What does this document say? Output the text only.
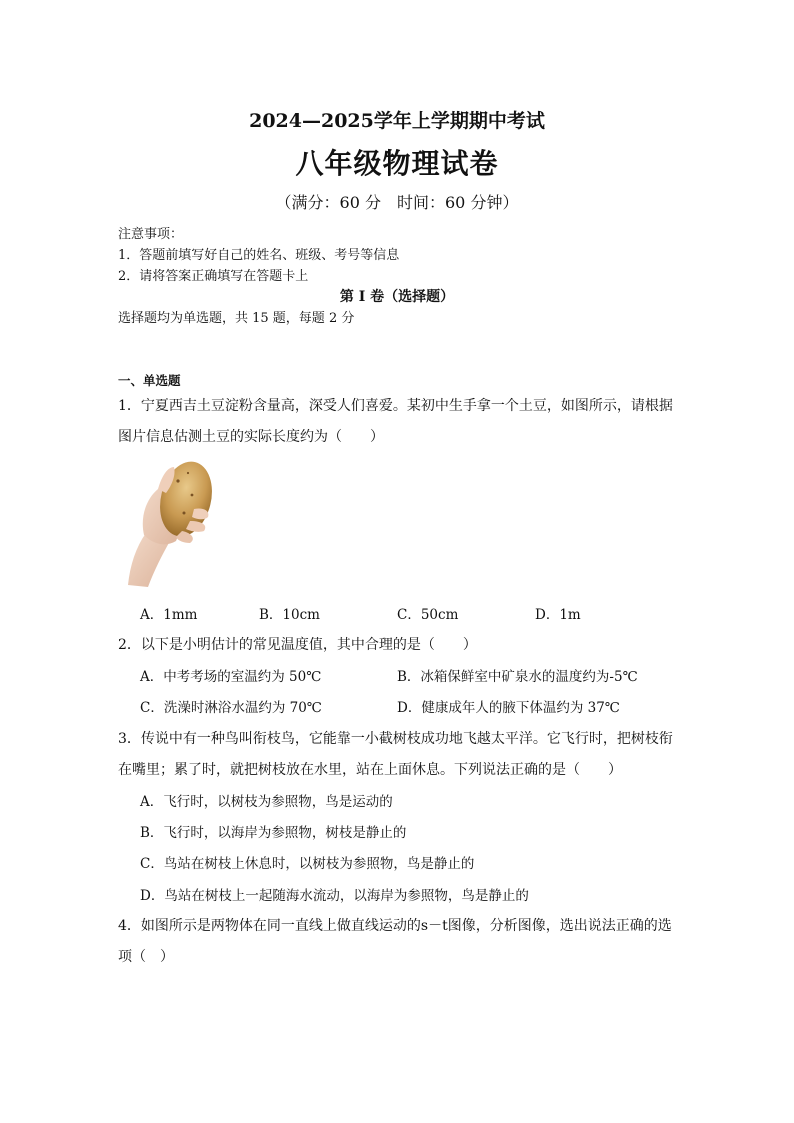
2024—2025学年上学期期中考试
八年级物理试卷
（满分：60 分　时间：60 分钟）
注意事项：
1．答题前填写好自己的姓名、班级、考号等信息
2．请将答案正确填写在答题卡上
第 I 卷（选择题）
选择题均为单选题，共 15 题，每题 2 分
一、单选题
1．宁夏西吉土豆淀粉含量高，深受人们喜爱。某初中生手拿一个土豆，如图所示，请根据
图片信息估测土豆的实际长度约为（　　）
A．1mm	B．10cm	C．50cm	D．1m
2．以下是小明估计的常见温度值，其中合理的是（　　）
A．中考考场的室温约为 50℃	B．冰箱保鲜室中矿泉水的温度约为-5℃
C．洗澡时淋浴水温约为 70℃	D．健康成年人的腋下体温约为 37℃
3．传说中有一种鸟叫衔枝鸟，它能靠一小截树枝成功地飞越太平洋。它飞行时，把树枝衔
在嘴里；累了时，就把树枝放在水里，站在上面休息。下列说法正确的是（　　）
A．飞行时，以树枝为参照物，鸟是运动的
B．飞行时，以海岸为参照物，树枝是静止的
C．鸟站在树枝上休息时，以树枝为参照物，鸟是静止的
D．鸟站在树枝上一起随海水流动，以海岸为参照物，鸟是静止的
4．如图所示是两物体在同一直线上做直线运动的s－t图像，分析图像，选出说法正确的选
项（　）
